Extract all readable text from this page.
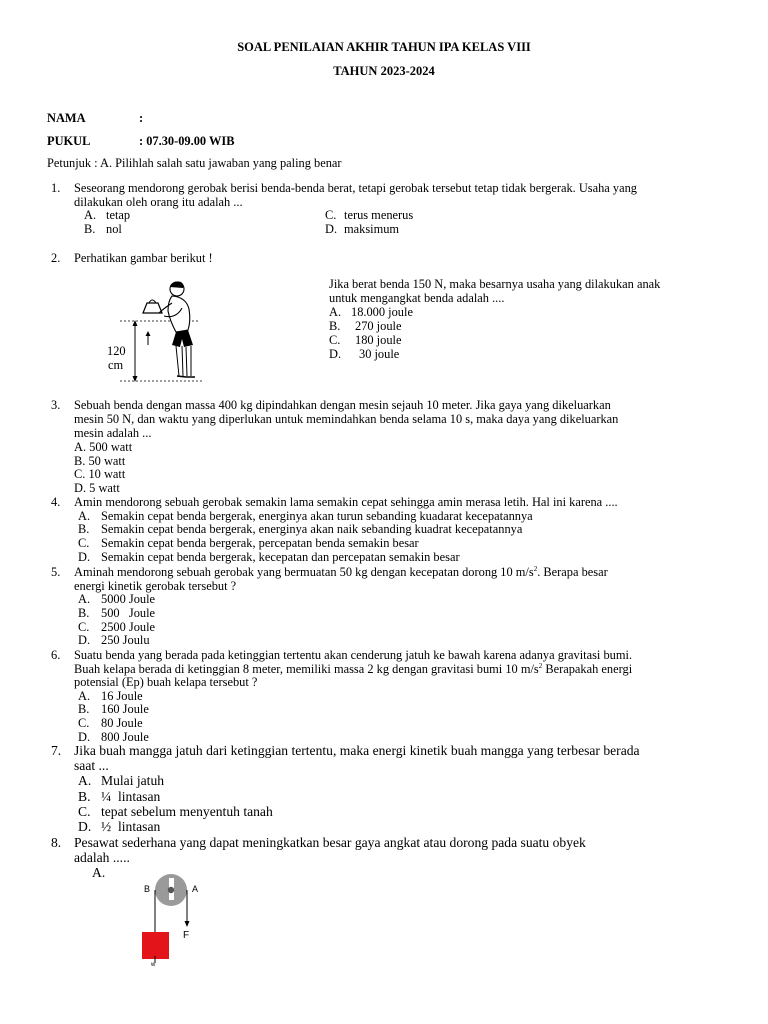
SOAL PENILAIAN AKHIR TAHUN IPA KELAS VIII
TAHUN 2023-2024
NAMA	:
PUKUL	: 07.30-09.00 WIB
Petunjuk : A. Pilihlah salah satu jawaban yang paling benar
1. Seseorang mendorong gerobak berisi benda-benda berat, tetapi gerobak tersebut tetap tidak bergerak. Usaha yang
dilakukan oleh orang itu adalah ...
A. tetap
B. nol
C. terus menerus
D. maksimum
2. Perhatikan gambar berikut !
120
cm
Jika berat benda 150 N, maka besarnya usaha yang dilakukan anak
untuk mengangkat benda adalah ....
A. 18.000 joule
B. 270 joule
C. 180 joule
D. 30 joule
3. Sebuah benda dengan massa 400 kg dipindahkan dengan mesin sejauh 10 meter. Jika gaya yang dikeluarkan
mesin 50 N, dan waktu yang diperlukan untuk memindahkan benda selama 10 s, maka daya yang dikeluarkan
mesin adalah ...
A. 500 watt
B. 50 watt
C. 10 watt
D. 5 watt
4. Amin mendorong sebuah gerobak semakin lama semakin cepat sehingga amin merasa letih. Hal ini karena ....
A. Semakin cepat benda bergerak, energinya akan turun sebanding kuadarat kecepatannya
B. Semakin cepat benda bergerak, energinya akan naik sebanding kuadrat kecepatannya
C. Semakin cepat benda bergerak, percepatan benda semakin besar
D. Semakin cepat benda bergerak, kecepatan dan percepatan semakin besar
5. Aminah mendorong sebuah gerobak yang bermuatan 50 kg dengan kecepatan dorong 10 $m/s^2$. Berapa besar
energi kinetik gerobak tersebut ?
A. 5000 Joule
B. 500   Joule
C. 2500 Joule
D. 250 Joulu
6. Suatu benda yang berada pada ketinggian tertentu akan cenderung jatuh ke bawah karena adanya gravitasi bumi.
Buah kelapa berada di ketinggian 8 meter, memiliki massa 2 kg dengan gravitasi bumi 10 $m/s^2$ Berapakah energi
potensial (Ep) buah kelapa tersebut ?
A. 16 Joule
B. 160 Joule
C. 80 Joule
D. 800 Joule
7. Jika buah mangga jatuh dari ketinggian tertentu, maka energi kinetik buah mangga yang terbesar berada
saat ...
A. Mulai jatuh
B. ¼  lintasan
C. tepat sebelum menyentuh tanah
D. ½  lintasan
8. Pesawat sederhana yang dapat meningkatkan besar gaya angkat atau dorong pada suatu obyek
adalah .....
A.
B	A
F
w
